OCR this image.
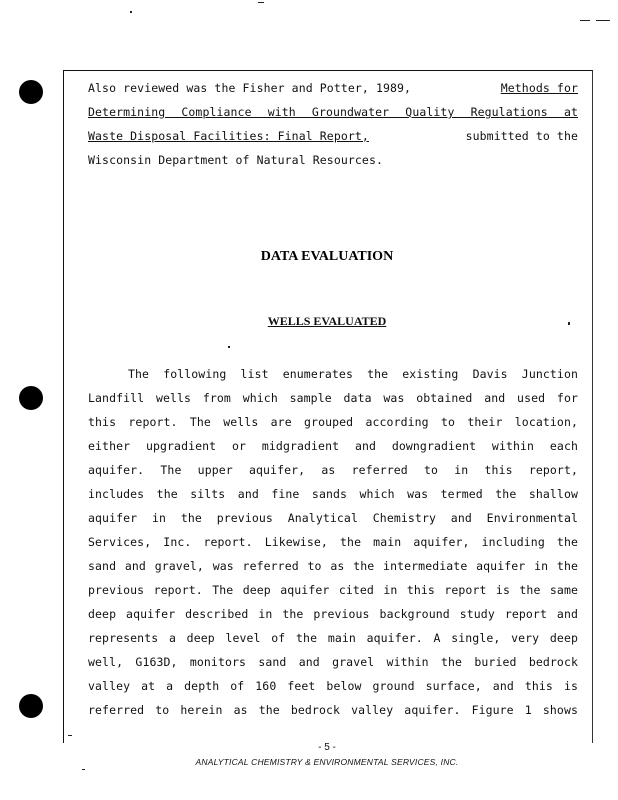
Also reviewed was the Fisher and Potter, 1989,	Methods for
Determining Compliance with Groundwater Quality Regulations at
Waste Disposal Facilities: Final Report,	submitted to the
Wisconsin Department of Natural Resources.
DATA EVALUATION
WELLS EVALUATED
The following list enumerates the existing Davis Junction
Landfill wells from which sample data was obtained and used for
this report. The wells are grouped according to their location,
either upgradient or midgradient and downgradient within each
aquifer. The upper aquifer, as referred to in this report,
includes the silts and fine sands which was termed the shallow
aquifer in the previous Analytical Chemistry and Environmental
Services, Inc. report. Likewise, the main aquifer, including the
sand and gravel, was referred to as the intermediate aquifer in the
previous report. The deep aquifer cited in this report is the same
deep aquifer described in the previous background study report and
represents a deep level of the main aquifer. A single, very deep
well, G163D, monitors sand and gravel within the buried bedrock
valley at a depth of 160 feet below ground surface, and this is
referred to herein as the bedrock valley aquifer. Figure 1 shows
- 5 -
ANALYTICAL CHEMISTRY & ENVIRONMENTAL SERVICES, INC.
